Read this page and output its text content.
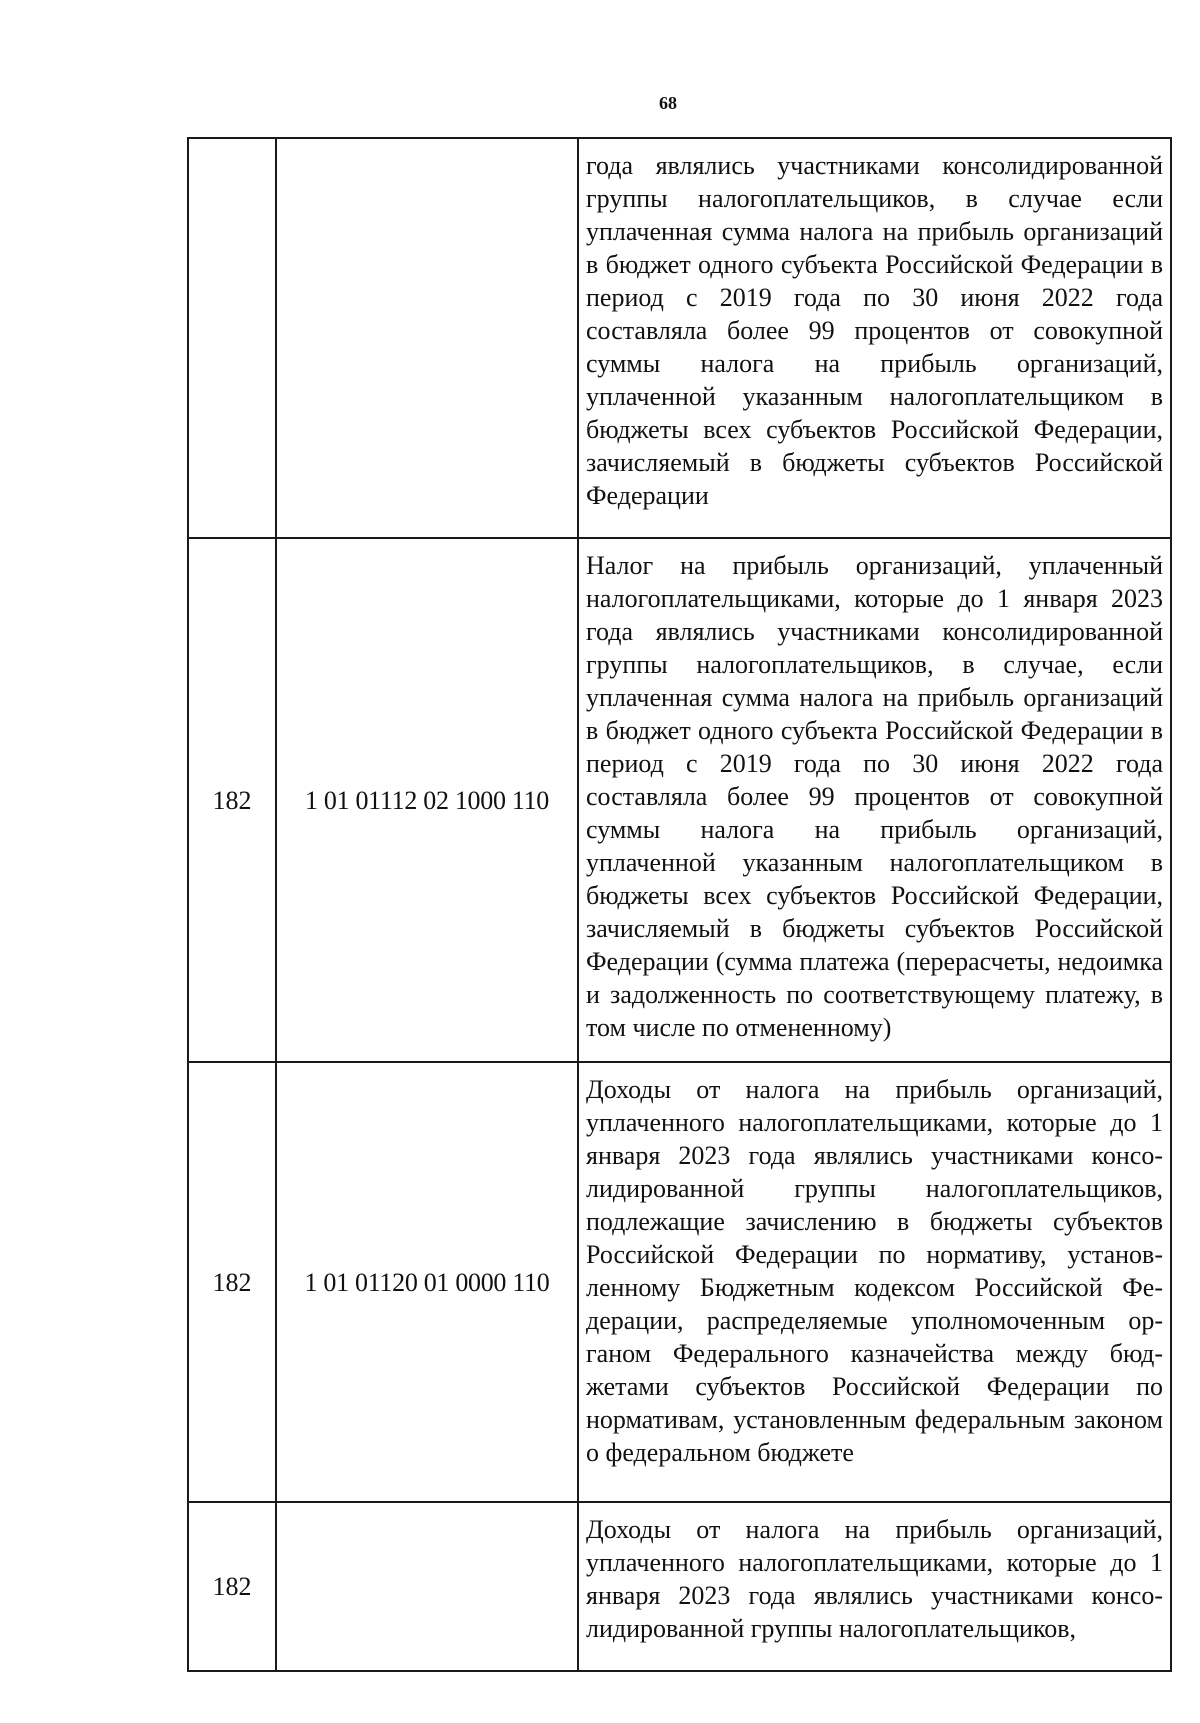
68
		года являлись участниками консолидированной группы налогоплательщиков, в случае если уплаченная сумма налога на прибыль организаций в бюджет одного субъекта Российской Федерации в период с 2019 года по 30 июня 2022 года составляла более 99 процентов от совокупной суммы налога на прибыль организаций, уплаченной указанным налогоплательщиком в бюджеты всех субъектов Российской Федерации, зачисляемый в бюджеты субъектов Российской Федерации
182	1 01 01112 02 1000 110	Налог на прибыль организаций, уплаченный налогоплательщиками, которые до 1 января 2023 года являлись участниками консолидированной группы налогоплательщиков, в случае, если уплаченная сумма налога на прибыль организаций в бюджет одного субъекта Российской Федерации в период с 2019 года по 30 июня 2022 года составляла более 99 процентов от совокупной суммы налога на прибыль организаций, уплаченной указанным налогоплательщиком в бюджеты всех субъектов Российской Федерации, зачисляемый в бюджеты субъектов Российской Федерации (сумма платежа (перерасчеты, недоимка и задолженность по соответствующему платежу, в том числе по отмененному)
182	1 01 01120 01 0000 110	Доходы от налога на прибыль организаций, уплаченного налогоплательщиками, которые до 1 января 2023 года являлись участниками консолидированной группы налогоплательщиков, подлежащие зачислению в бюджеты субъектов Российской Федерации по нормативу, установленному Бюджетным кодексом Российской Федерации, распределяемые уполномоченным органом Федерального казначейства между бюджетами субъектов Российской Федерации по нормативам, установленным федеральным законом о федеральном бюджете
182		Доходы от налога на прибыль организаций, уплаченного налогоплательщиками, которые до 1 января 2023 года являлись участниками консолидированной группы налогоплательщиков,
